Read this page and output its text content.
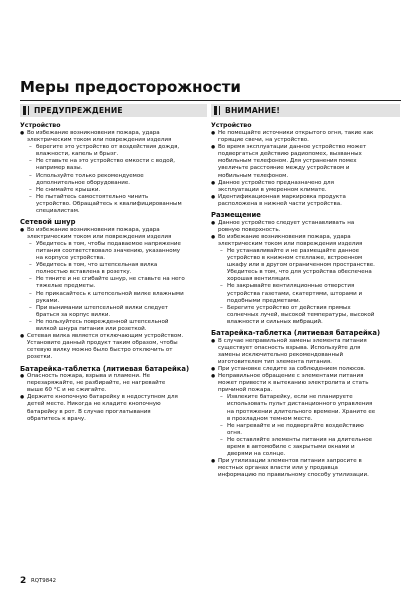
Меры предосторожности
ПРЕДУПРЕЖДЕНИЕ
Устройство
● Во избежание возникновения пожара, удара
электрическим током или повреждения изделия
– берегите это устройство от воздействия дождя,
влажности, капель и брызг.
– Не ставьте на это устройство емкости с водой,
например вазы.
– Используйте только рекомендуемое
дополнительное оборудование.
– Не снимайте крышки.
– Не пытайтесь самостоятельно чинить
устройство. Обращайтесь к квалифицированным
специалистам.
Сетевой шнур
● Во избежание возникновения пожара, удара
электрическим током или повреждения изделия
– Убедитесь в том, чтобы подаваемое напряжение
питания соответствовало значению, указанному
на корпусе устройства.
– Убедитесь в том, что штепсельная вилка
полностью вставлена в розетку.
– Не тяните и не сгибайте шнур, не ставьте на него
тяжелые предметы.
– Не прикасайтесь к штепсельной вилке влажными
руками.
– При вынимании штепсельной вилки следует
браться за корпус вилки.
– Не пользуйтесь поврежденной штепсельной
вилкой шнура питания или розеткой.
● Сетевая вилка является отключающим устройством.
Установите данный продукт таким образом, чтобы
сетевую вилку можно было быстро отключить от
розетки.
Батарейка-таблетка (литиевая батарейка)
● Опасность пожара, взрыва и пламени. Не
перезаряжайте, не разбирайте, не нагревайте
выше 60 °C и не сжигайте.
● Держите кнопочную батарейку в недоступном для
детей месте. Никогда не кладите кнопочную
батарейку в рот. В случае проглатывания
обратитесь к врачу.
ВНИМАНИЕ!
Устройство
● Не помещайте источники открытого огня, такие как
горящие свечи, на устройство.
● Во время эксплуатации данное устройство может
подвергаться действию радиопомех, вызванных
мобильным телефоном. Для устранения помех
увеличьте расстояние между устройством и
мобильным телефоном.
● Данное устройство предназначено для
эксплуатации в умеренном климате.
● Идентификационная маркировка продукта
расположена в нижней части устройства.
Размещение
● Данное устройство следует устанавливать на
ровную поверхность.
● Во избежание возникновения пожара, удара
электрическим током или повреждения изделия
– Не устанавливайте и не размещайте данное
устройство в книжном стеллаже, встроенном
шкафу или в другом ограниченном пространстве.
Убедитесь в том, что для устройства обеспечена
хорошая вентиляция.
– Не закрывайте вентиляционные отверстия
устройства газетами, скатертями, шторами и
подобными предметами.
– Берегите устройство от действия прямых
солнечных лучей, высокой температуры, высокой
влажности и сильных вибраций.
Батарейка-таблетка (литиевая батарейка)
● В случае неправильной замены элемента питания
существует опасность взрыва. Используйте для
замены исключительно рекомендованный
изготовителем тип элемента питания.
● При установке следите за соблюдением полюсов.
● Неправильное обращение с элементами питания
может привести к вытеканию электролита и стать
причиной пожара.
– Извлеките батарейку, если не планируете
использовать пульт дистанционного управления
на протяжении длительного времени. Храните ее
в прохладном темном месте.
– Не нагревайте и не подвергайте воздействию
огня.
– Не оставляйте элементы питания на длительное
время в автомобиле с закрытыми окнами и
дверями на солнце.
● При утилизации элементов питания запросите в
местных органах власти или у продавца
информацию по правильному способу утилизации.
2 RQT9842
